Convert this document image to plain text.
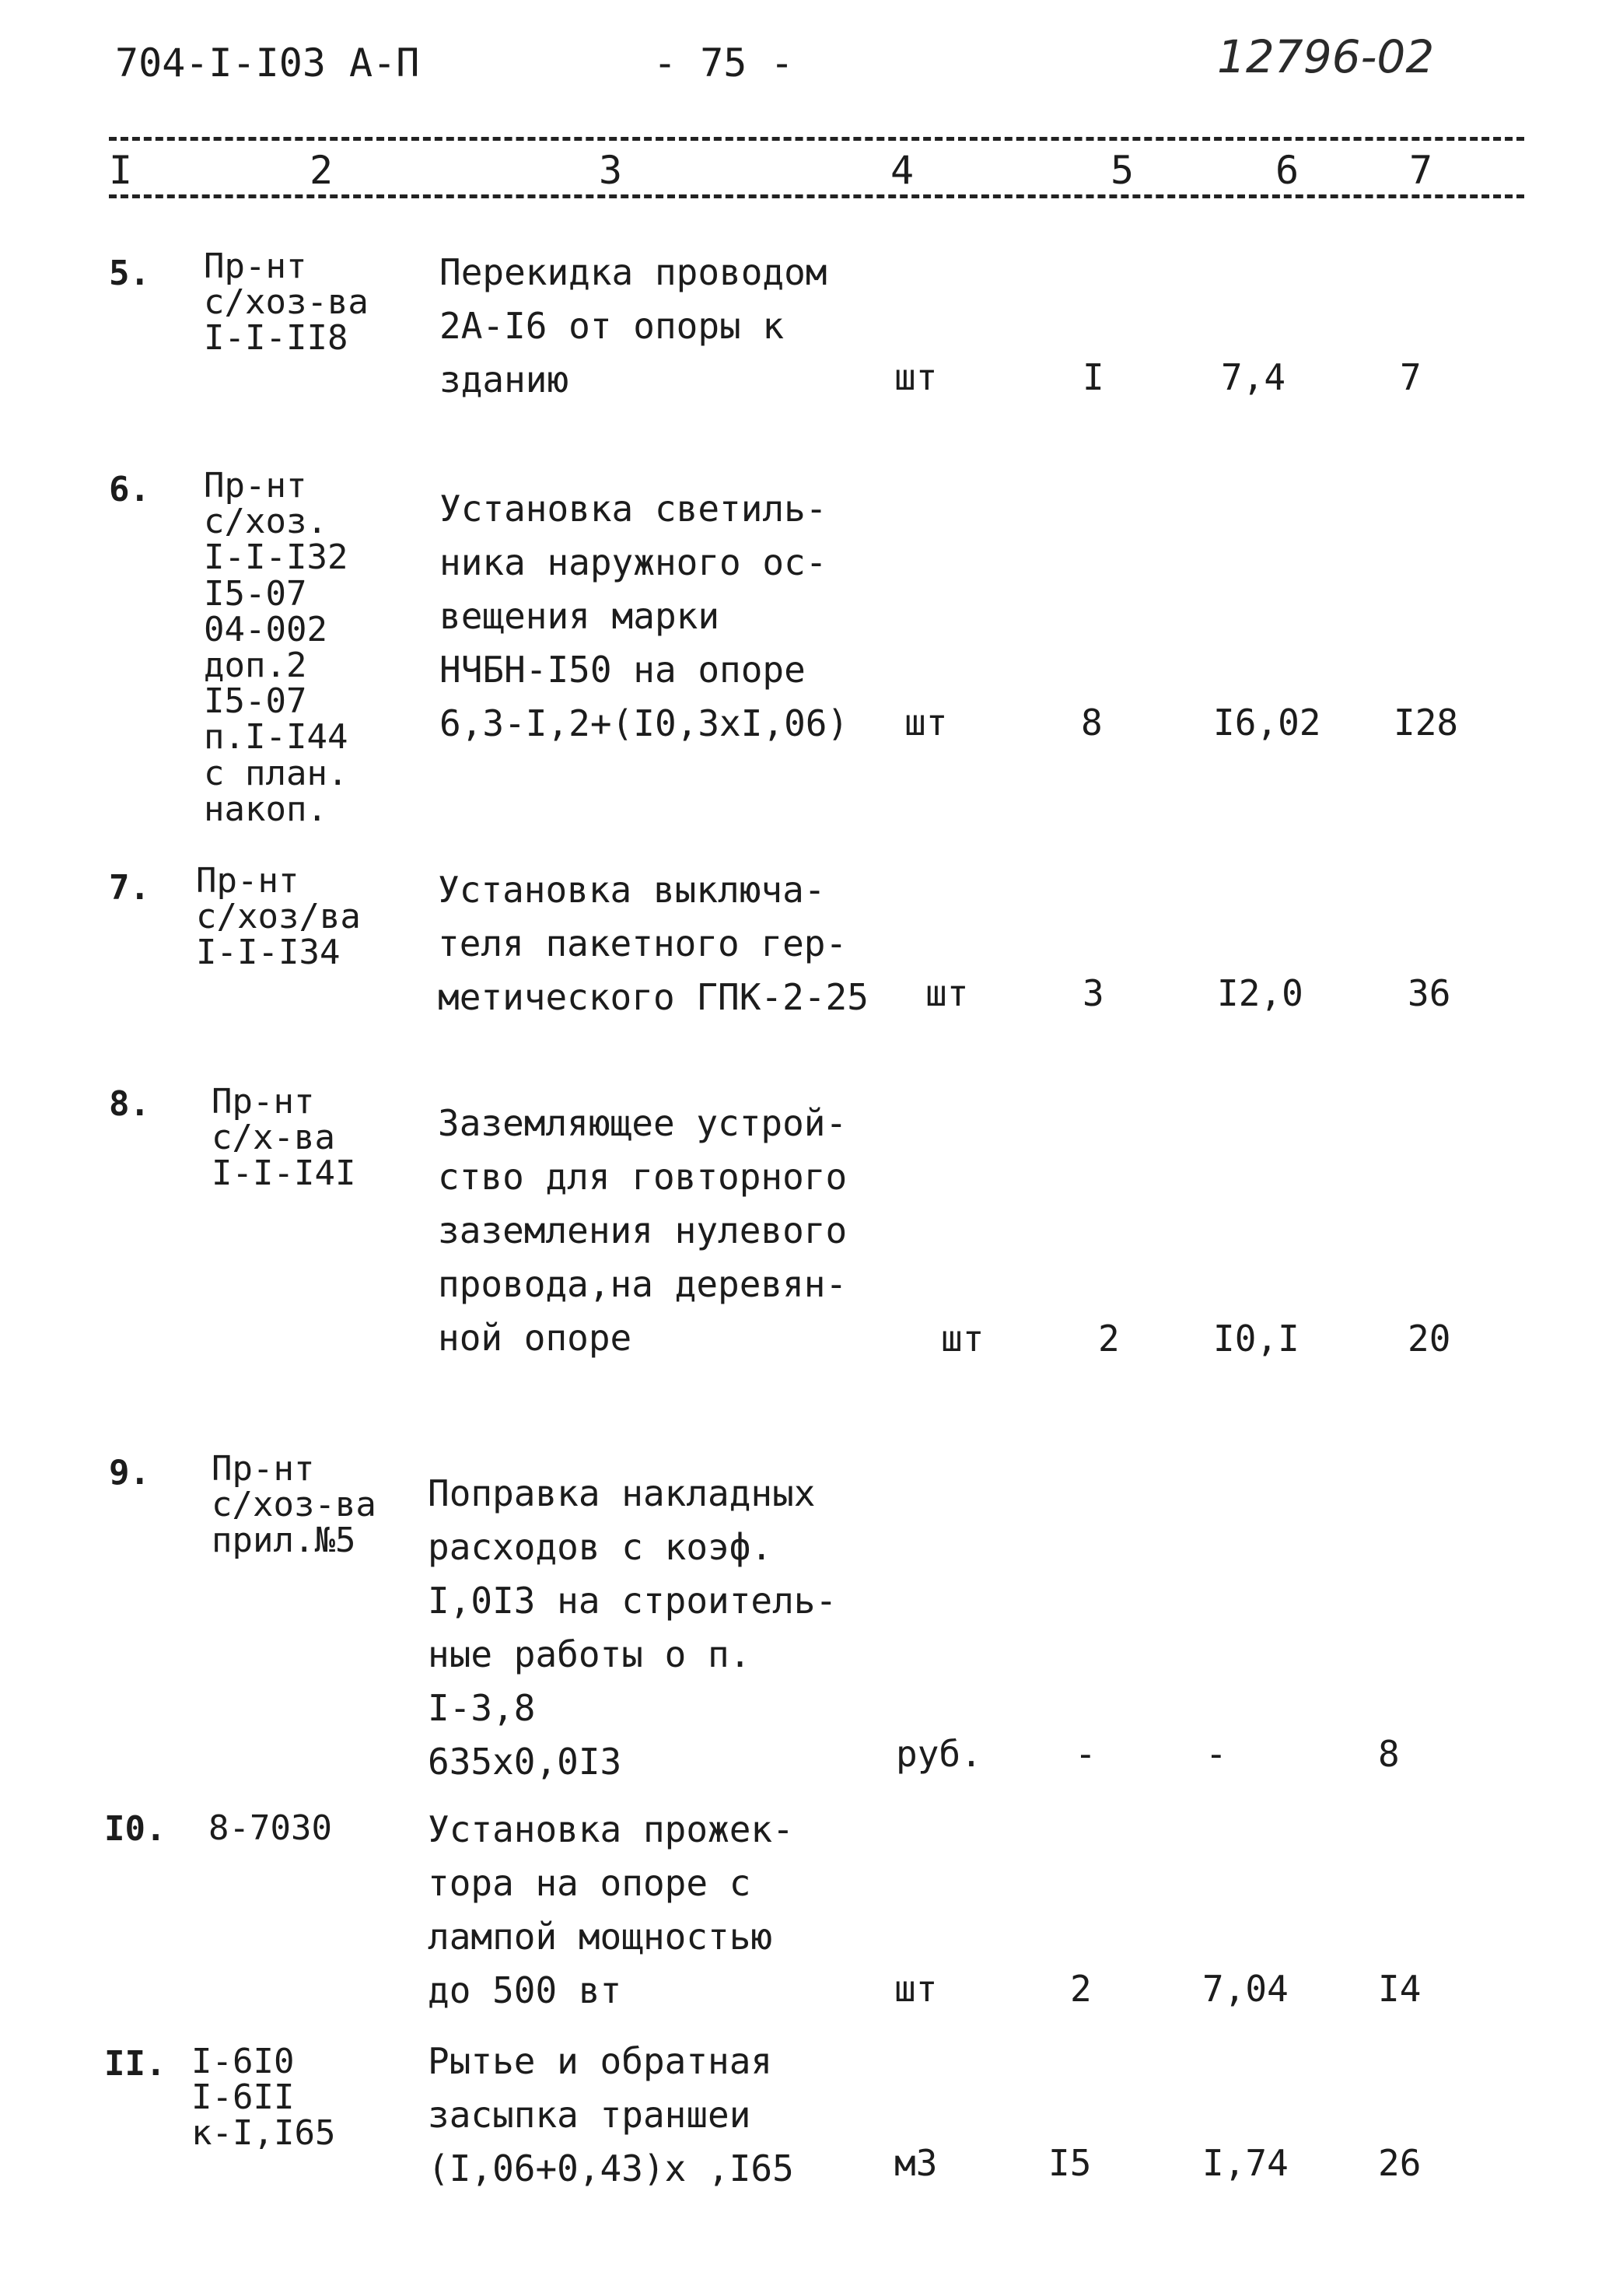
704-I-I03 А-П	- 75 -	12796-02
I	2	3	4	5	6	7
5. Пр-нт
с/хоз-ва
I-I-II8
Перекидка проводом
2А-I6 от опоры к
зданию	шт	I	7,4	7
6. Пр-нт
с/хоз.
I-I-I32
I5-07
04-002
доп.2
I5-07
п.I-I44
с план.
накоп.
Установка светиль-
ника наружного ос-
вещения марки
НЧБН-I50 на опоре
6,3-I,2+(I0,3xI,06) шт	8	I6,02 I28
7. Пр-нт
с/хоз/ва
I-I-I34
Установка выключа-
теля пакетного гер-
метического ГПК-2-25 шт	3	I2,0	36
8. Пр-нт
с/х-ва
I-I-I4I
Заземляющее устрой-
ство для говторного
заземления нулевого
провода,на деревян-
ной опоре	шт	2	I0,I	20
9. Пр-нт
с/хоз-ва
прил.№5
Поправка накладных
расходов с коэф.
I,0I3 на строитель-
ные работы о п.
I-3,8
635x0,0I3	руб.	-	-	8
I0. 8-7030	Установка прожек-
тора на опоре с
лампой мощностью
до 500 вт	шт	2	7,04	I4
II. I-6I0
I-6II
к-I,I65
Рытье и обратная
засыпка траншеи
(I,06+0,43)х ,I65	м3	I5	I,74	26
